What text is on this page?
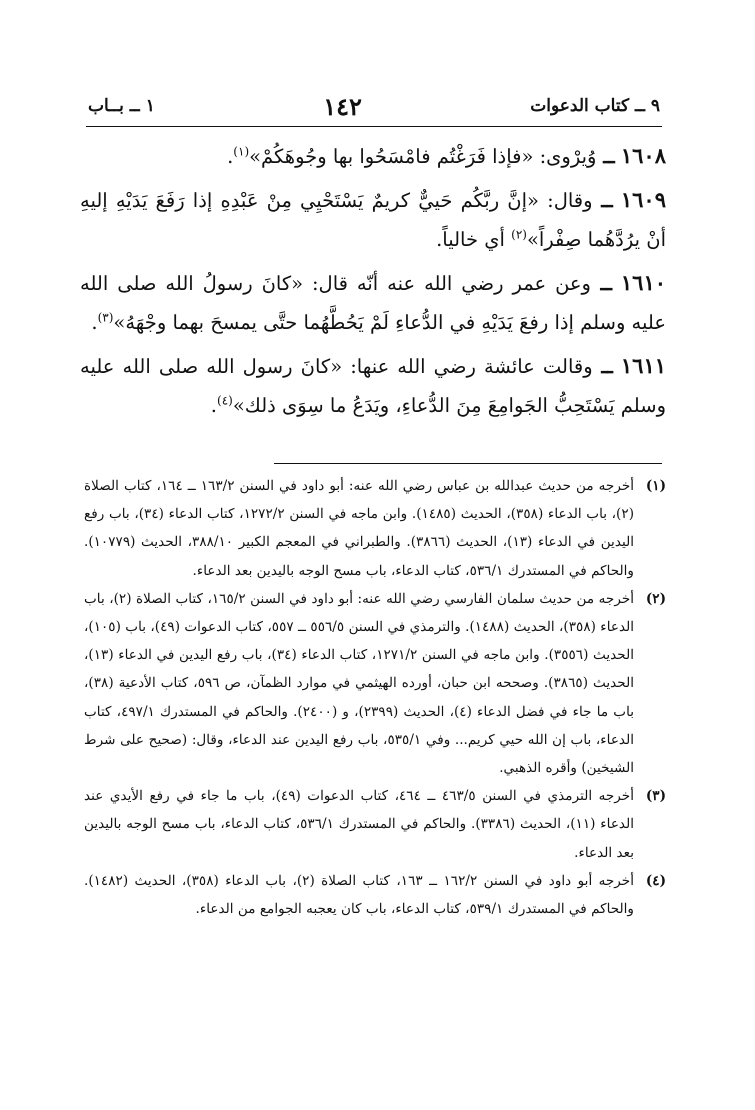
٩ ــ كتاب الدعوات
١٤٢
١ ــ بــاب

١٦٠٨ ــ وُيرْوى: «فإذا فَرَغْتُم فامْسَحُوا بها وجُوهَكُمْ»$^{(١)}$.

١٦٠٩ ــ وقال: «إنَّ ربَّكُم حَييٌّ كريمٌ يَسْتَحْيِي مِنْ عَبْدِهِ إذا رَفَعَ يَدَيْهِ إليهِ أنْ يرُدَّهُما صِفْراً»$^{(٢)}$ أي خالياً.

١٦١٠ ــ وعن عمر رضي الله عنه أنّه قال: «كانَ رسولُ الله صلى الله عليه وسلم إذا رفعَ يَدَيْهِ في الدُّعاءِ لَمْ يَحُطَّهُما حتَّى يمسحَ بهما وجْهَهُ»$^{(٣)}$.

١٦١١ ــ وقالت عائشة رضي الله عنها: «كانَ رسول الله صلى الله عليه وسلم يَسْتَحِبُّ الجَوامِعَ مِنَ الدُّعاءِ، ويَدَعُ ما سِوَى ذلك»$^{(٤)}$.

(١)
أخرجه من حديث عبدالله بن عباس رضي الله عنه: أبو داود في السنن ١٦٣/٢ ــ ١٦٤، كتاب الصلاة (٢)، باب الدعاء (٣٥٨)، الحديث (١٤٨٥). وابن ماجه في السنن ١٢٧٢/٢، كتاب الدعاء (٣٤)، باب رفع اليدين في الدعاء (١٣)، الحديث (٣٨٦٦). والطبراني في المعجم الكبير ٣٨٨/١٠، الحديث (١٠٧٧٩). والحاكم في المستدرك ٥٣٦/١، كتاب الدعاء، باب مسح الوجه باليدين بعد الدعاء.
(٢)
أخرجه من حديث سلمان الفارسي رضي الله عنه: أبو داود في السنن ١٦٥/٢، كتاب الصلاة (٢)، باب الدعاء (٣٥٨)، الحديث (١٤٨٨). والترمذي في السنن ٥٥٦/٥ ــ ٥٥٧، كتاب الدعوات (٤٩)، باب (١٠٥)، الحديث (٣٥٥٦). وابن ماجه في السنن ١٢٧١/٢، كتاب الدعاء (٣٤)، باب رفع اليدين في الدعاء (١٣)، الحديث (٣٨٦٥). وصححه ابن حبان، أورده الهيثمي في موارد الظمآن، ص ٥٩٦، كتاب الأدعية (٣٨)، باب ما جاء في فضل الدعاء (٤)، الحديث (٢٣٩٩)، و (٢٤٠٠). والحاكم في المستدرك ٤٩٧/١، كتاب الدعاء، باب إن الله حيي كريم... وفي ٥٣٥/١، باب رفع اليدين عند الدعاء، وقال: (صحيح على شرط الشيخين) وأقره الذهبي.
(٣)
أخرجه الترمذي في السنن ٤٦٣/٥ ــ ٤٦٤، كتاب الدعوات (٤٩)، باب ما جاء في رفع الأيدي عند الدعاء (١١)، الحديث (٣٣٨٦). والحاكم في المستدرك ٥٣٦/١، كتاب الدعاء، باب مسح الوجه باليدين بعد الدعاء.
(٤)
أخرجه أبو داود في السنن ١٦٢/٢ ــ ١٦٣، كتاب الصلاة (٢)، باب الدعاء (٣٥٨)، الحديث (١٤٨٢). والحاكم في المستدرك ٥٣٩/١، كتاب الدعاء، باب كان يعجبه الجوامع من الدعاء.
